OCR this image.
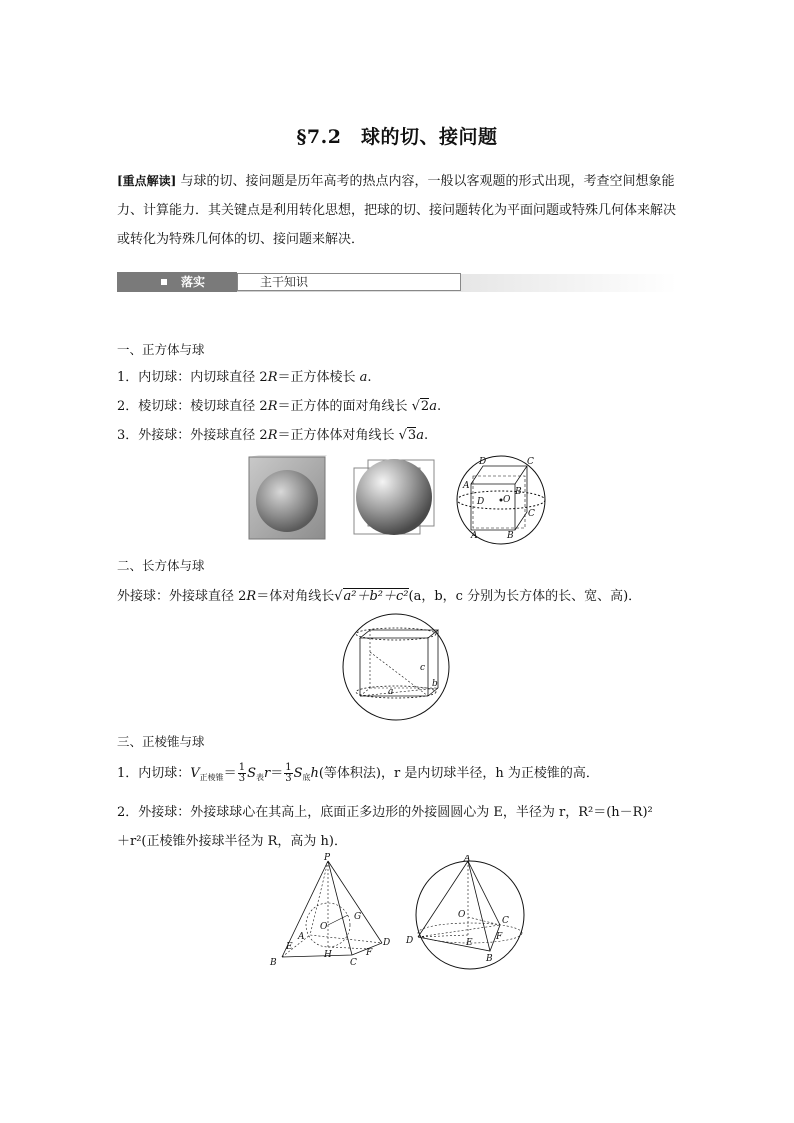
§7.2　球的切、接问题
[重点解读] 与球的切、接问题是历年高考的热点内容，一般以客观题的形式出现，考查空间想象能力、计算能力．其关键点是利用转化思想，把球的切、接问题转化为平面问题或特殊几何体来解决或转化为特殊几何体的切、接问题来解决．
落实	主干知识
一、正方体与球
1．内切球：内切球直径 2R＝正方体棱长 a.
2．棱切球：棱切球直径 2R＝正方体的面对角线长 √2a.
3．外接球：外接球直径 2R＝正方体体对角线长 √3a.
D	C
A
B
D O
C
A	B
二、长方体与球
外接球：外接球直径 2R＝体对角线长√a²＋b²＋c²(a，b，c 分别为长方体的长、宽、高)．
a
b
c
三、正棱锥与球
1．内切球：$V_{正棱锥}= \frac{1}{3} S_表r= \frac{1}{3} S_底h$(等体积法)，r 是内切球半径，h 为正棱锥的高．
2．外接球：外接球球心在其高上，底面正多边形的外接圆圆心为 E，半径为 r，R²＝(h－R)²
＋r²(正棱锥外接球半径为 R，高为 h)．
P
O
G
A
E	D
B
H
C
F
A
O
C
D	E
F
B
